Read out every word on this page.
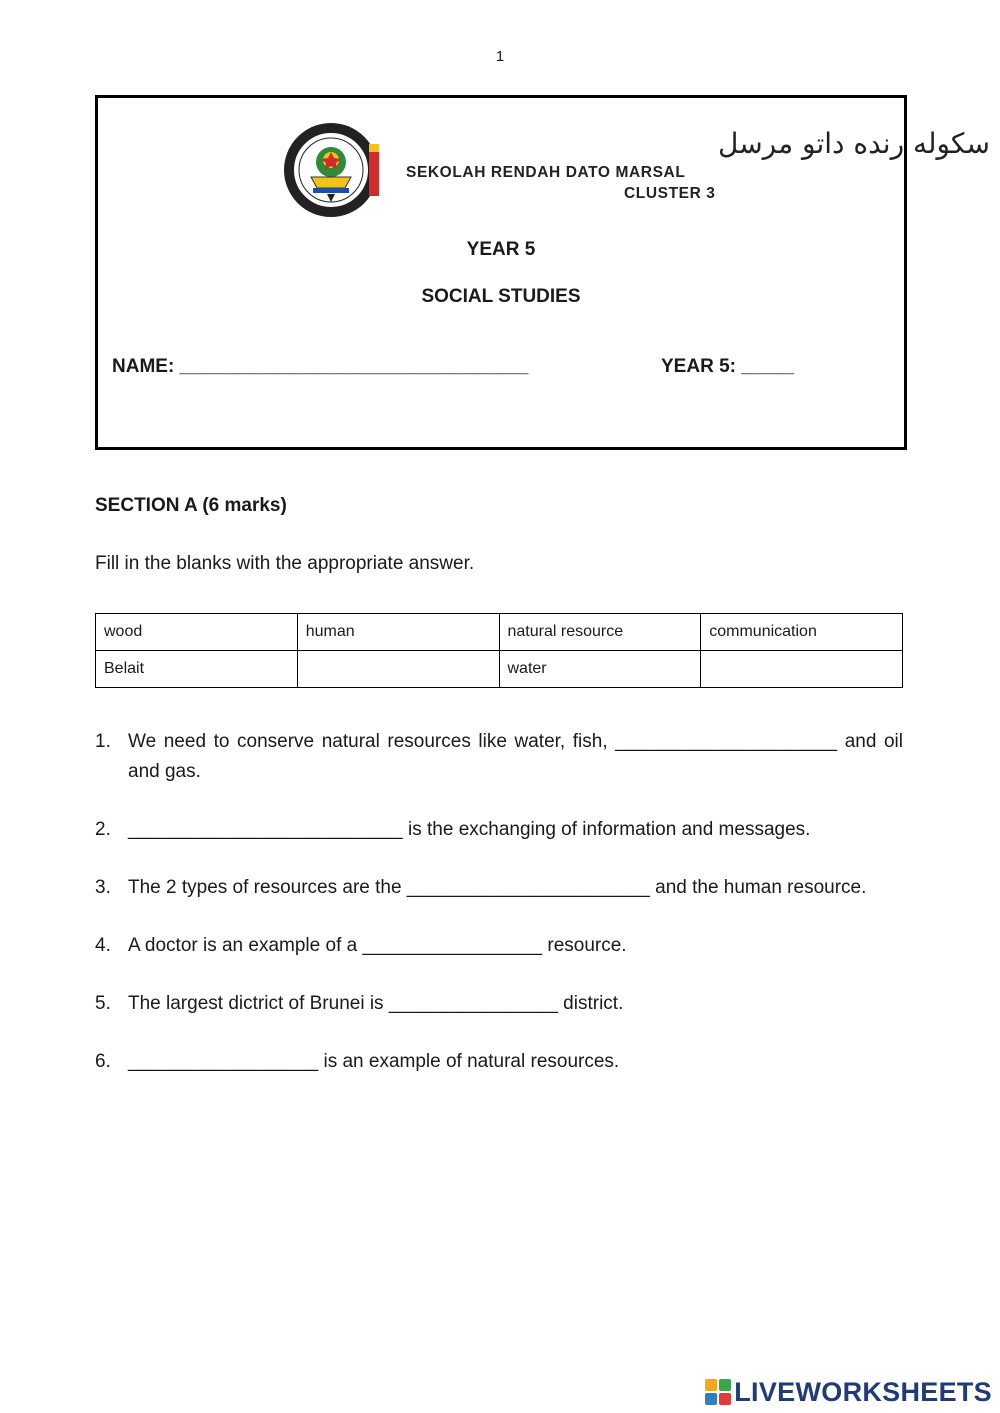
1
سكوله رنده داتو مرسل
SEKOLAH RENDAH DATO MARSAL
CLUSTER 3
YEAR 5
SOCIAL STUDIES
NAME: _________________________________	YEAR 5: _____
SECTION A (6 marks)
Fill in the blanks with the appropriate answer.
wood	human	natural resource	communication
Belait		water	
1. We need to conserve natural resources like water, fish, _____________________ and oil and gas.
2. __________________________ is the exchanging of information and messages.
3. The 2 types of resources are the _______________________ and the human resource.
4. A doctor is an example of a _________________ resource.
5. The largest dictrict of Brunei is ________________ district.
6. __________________ is an example of natural resources.
LIVEWORKSHEETS
